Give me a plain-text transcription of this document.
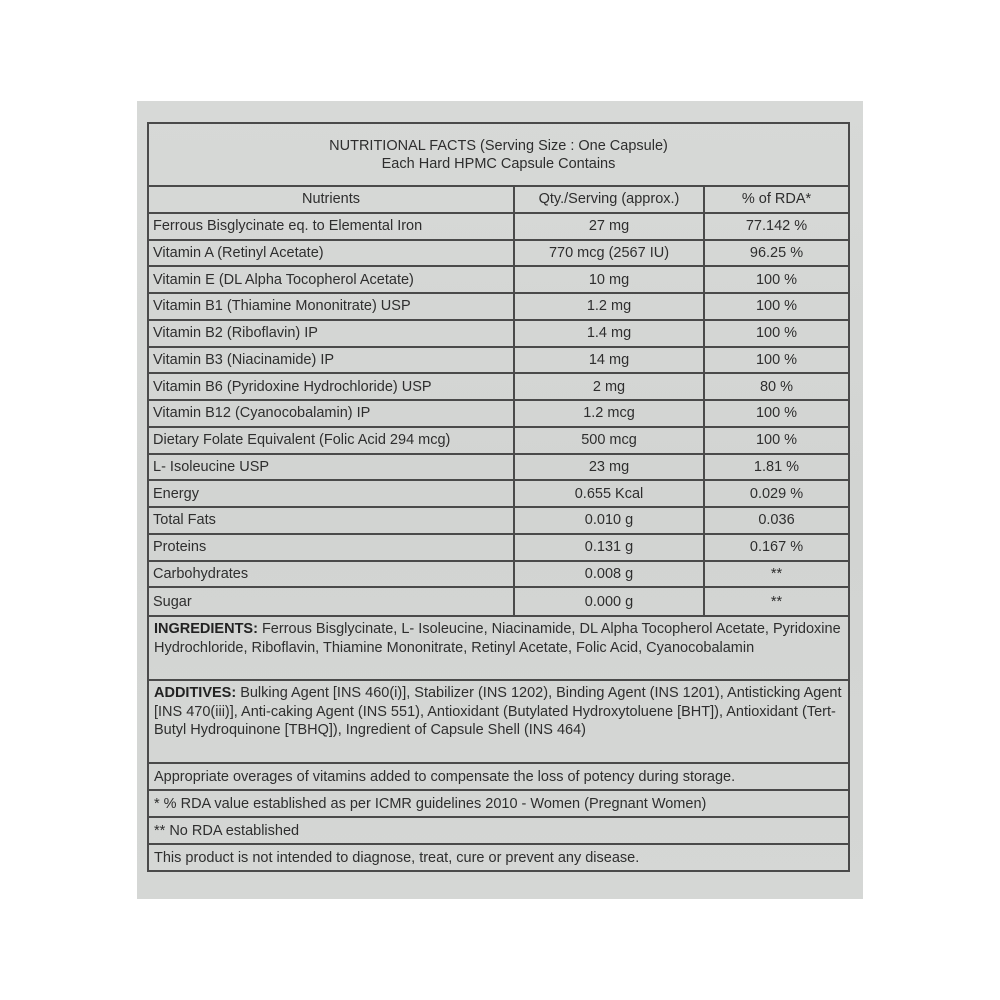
NUTRITIONAL FACTS (Serving Size : One Capsule)
Each Hard HPMC Capsule Contains
Nutrients	Qty./Serving (approx.)	% of RDA*
Ferrous Bisglycinate eq. to Elemental Iron	27 mg	77.142 %
Vitamin A (Retinyl Acetate)	770 mcg (2567 IU)	96.25 %
Vitamin E (DL Alpha Tocopherol Acetate)	10 mg	100 %
Vitamin B1 (Thiamine Mononitrate) USP	1.2 mg	100 %
Vitamin B2 (Riboflavin) IP	1.4 mg	100 %
Vitamin B3 (Niacinamide) IP	14 mg	100 %
Vitamin B6 (Pyridoxine Hydrochloride) USP	2 mg	80 %
Vitamin B12 (Cyanocobalamin) IP	1.2 mcg	100 %
Dietary Folate Equivalent (Folic Acid 294 mcg)	500 mcg	100 %
L- Isoleucine USP	23 mg	1.81 %
Energy	0.655 Kcal	0.029 %
Total Fats	0.010 g	0.036
Proteins	0.131 g	0.167 %
Carbohydrates	0.008 g	**
Sugar	0.000 g	**
INGREDIENTS: Ferrous Bisglycinate, L- Isoleucine, Niacinamide, DL Alpha Tocopherol Acetate, Pyridoxine Hydrochloride, Riboflavin, Thiamine Mononitrate, Retinyl Acetate, Folic Acid, Cyanocobalamin
ADDITIVES: Bulking Agent [INS 460(i)], Stabilizer (INS 1202), Binding Agent (INS 1201), Antisticking Agent [INS 470(iii)], Anti-caking Agent (INS 551), Antioxidant (Butylated Hydroxytoluene [BHT]), Antioxidant (Tert-Butyl Hydroquinone [TBHQ]), Ingredient of Capsule Shell (INS 464)
Appropriate overages of vitamins added to compensate the loss of potency during storage.
* % RDA value established as per ICMR guidelines 2010 - Women (Pregnant Women)
** No RDA established
This product is not intended to diagnose, treat, cure or prevent any disease.
